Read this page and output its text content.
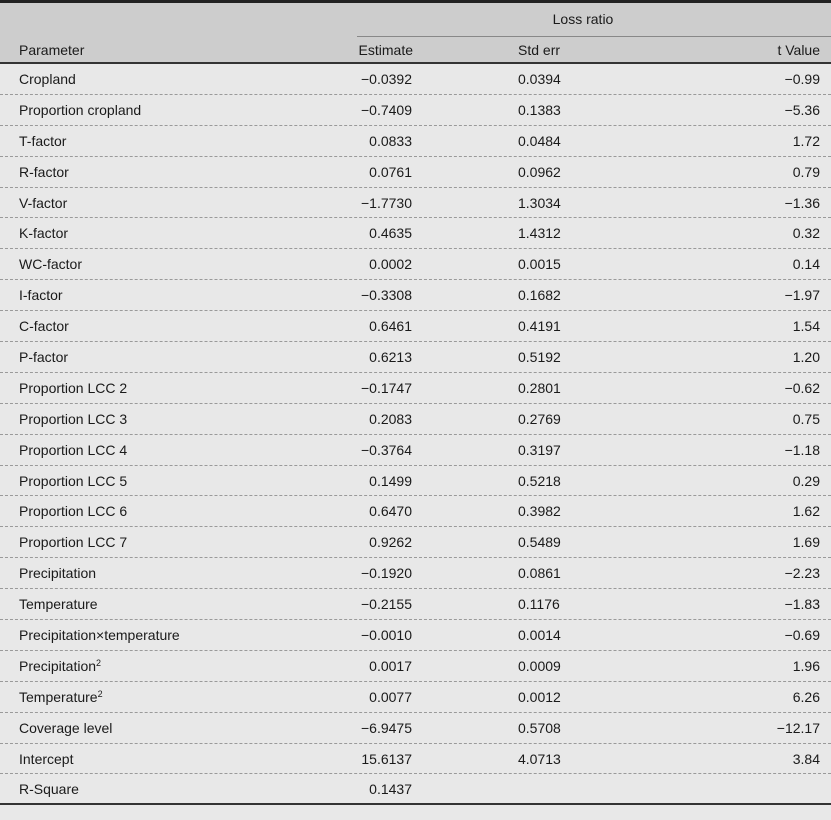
Loss ratio
Parameter	Estimate	Std err	t Value
Cropland	−0.0392	0.0394	−0.99
Proportion cropland	−0.7409	0.1383	−5.36
T-factor	0.0833	0.0484	1.72
R-factor	0.0761	0.0962	0.79
V-factor	−1.7730	1.3034	−1.36
K-factor	0.4635	1.4312	0.32
WC-factor	0.0002	0.0015	0.14
I-factor	−0.3308	0.1682	−1.97
C-factor	0.6461	0.4191	1.54
P-factor	0.6213	0.5192	1.20
Proportion LCC 2	−0.1747	0.2801	−0.62
Proportion LCC 3	0.2083	0.2769	0.75
Proportion LCC 4	−0.3764	0.3197	−1.18
Proportion LCC 5	0.1499	0.5218	0.29
Proportion LCC 6	0.6470	0.3982	1.62
Proportion LCC 7	0.9262	0.5489	1.69
Precipitation	−0.1920	0.0861	−2.23
Temperature	−0.2155	0.1176	−1.83
Precipitation×temperature	−0.0010	0.0014	−0.69
Precipitation$^2$	0.0017	0.0009	1.96
Temperature$^2$	0.0077	0.0012	6.26
Coverage level	−6.9475	0.5708	−12.17
Intercept	15.6137	4.0713	3.84
R-Square	0.1437
